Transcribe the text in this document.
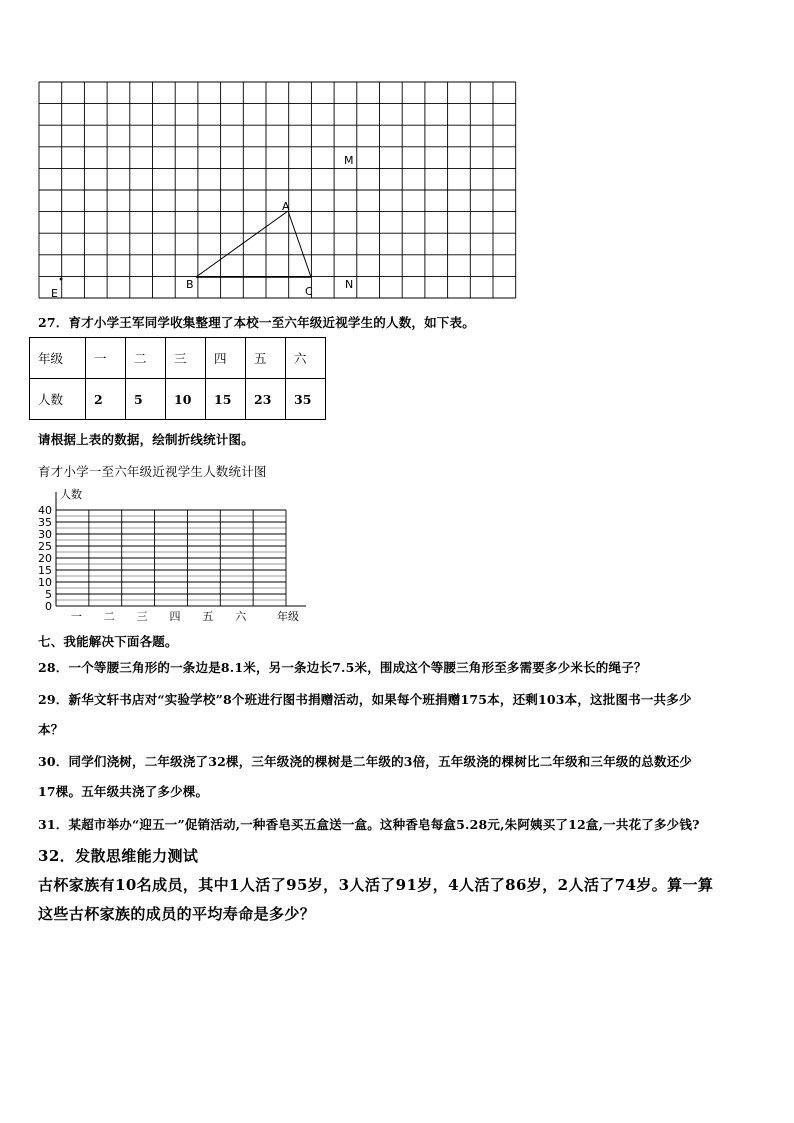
M
A
B
C
N
E
27．育才小学王军同学收集整理了本校一至六年级近视学生的人数，如下表。
年级	一	二	三	四	五	六
人数	2	5	10	15	23	35
请根据上表的数据，绘制折线统计图。
育才小学一至六年级近视学生人数统计图
0
5
10
15
20
25
30
35
40
一 二 三 四 五 六
人数
年级
七、我能解决下面各题。
28．一个等腰三角形的一条边是8.1米，另一条边长7.5米，围成这个等腰三角形至多需要多少米长的绳子？
29．新华文轩书店对“实验学校”8个班进行图书捐赠活动，如果每个班捐赠175本，还剩103本，这批图书一共多少
本？
30．同学们浇树，二年级浇了32棵，三年级浇的棵树是二年级的3倍，五年级浇的棵树比二年级和三年级的总数还少
17棵。五年级共浇了多少棵。
31．某超市举办“迎五一”促销活动,一种香皂买五盒送一盒。这种香皂每盒5.28元,朱阿姨买了12盒,一共花了多少钱?
32．发散思维能力测试
古杯家族有10名成员，其中1人活了95岁，3人活了91岁，4人活了86岁，2人活了74岁。算一算
这些古杯家族的成员的平均寿命是多少？
